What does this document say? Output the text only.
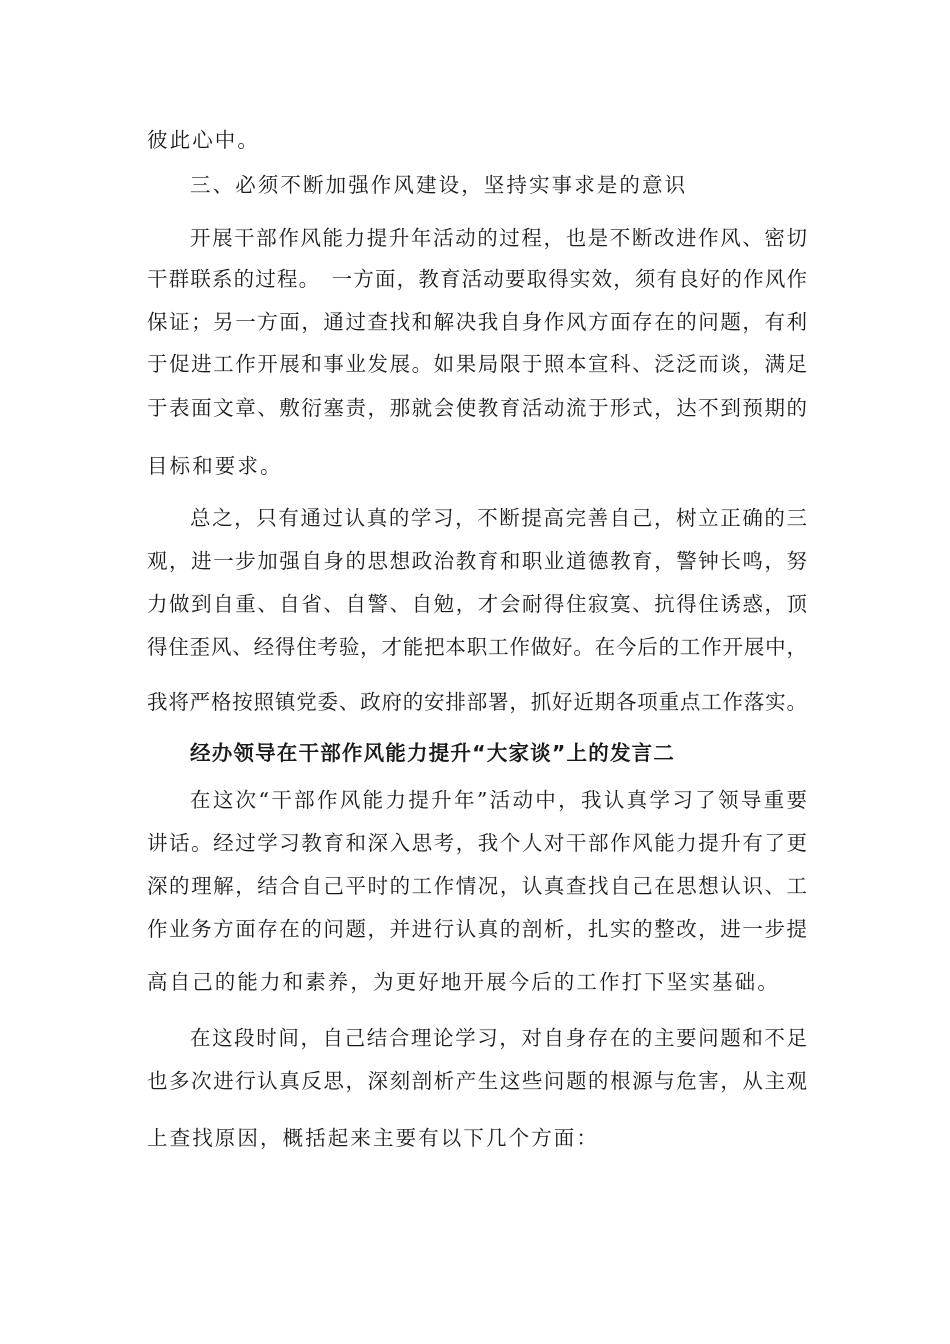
彼此心中。
三、必须不断加强作风建设，坚持实事求是的意识
开展干部作风能力提升年活动的过程，也是不断改进作风、密切
干群联系的过程。　一方面，教育活动要取得实效，须有良好的作风作
保证；另一方面，通过查找和解决我自身作风方面存在的问题，有利
于促进工作开展和事业发展。如果局限于照本宣科、泛泛而谈，满足
于表面文章、敷衍塞责，那就会使教育活动流于形式，达不到预期的
目标和要求。
总之，只有通过认真的学习，不断提高完善自己，树立正确的三
观，进一步加强自身的思想政治教育和职业道德教育，警钟长鸣，努
力做到自重、自省、自警、自勉，才会耐得住寂寞、抗得住诱惑，顶
得住歪风、经得住考验，才能把本职工作做好。在今后的工作开展中，
我将严格按照镇党委、政府的安排部署，抓好近期各项重点工作落实。
经办领导在干部作风能力提升“大家谈”上的发言二
在这次“干部作风能力提升年”活动中，我认真学习了领导重要
讲话。经过学习教育和深入思考，我个人对干部作风能力提升有了更
深的理解，结合自己平时的工作情况，认真查找自己在思想认识、工
作业务方面存在的问题，并进行认真的剖析，扎实的整改，进一步提
高自己的能力和素养，为更好地开展今后的工作打下坚实基础。
在这段时间，自己结合理论学习，对自身存在的主要问题和不足
也多次进行认真反思，深刻剖析产生这些问题的根源与危害，从主观
上查找原因，概括起来主要有以下几个方面：
